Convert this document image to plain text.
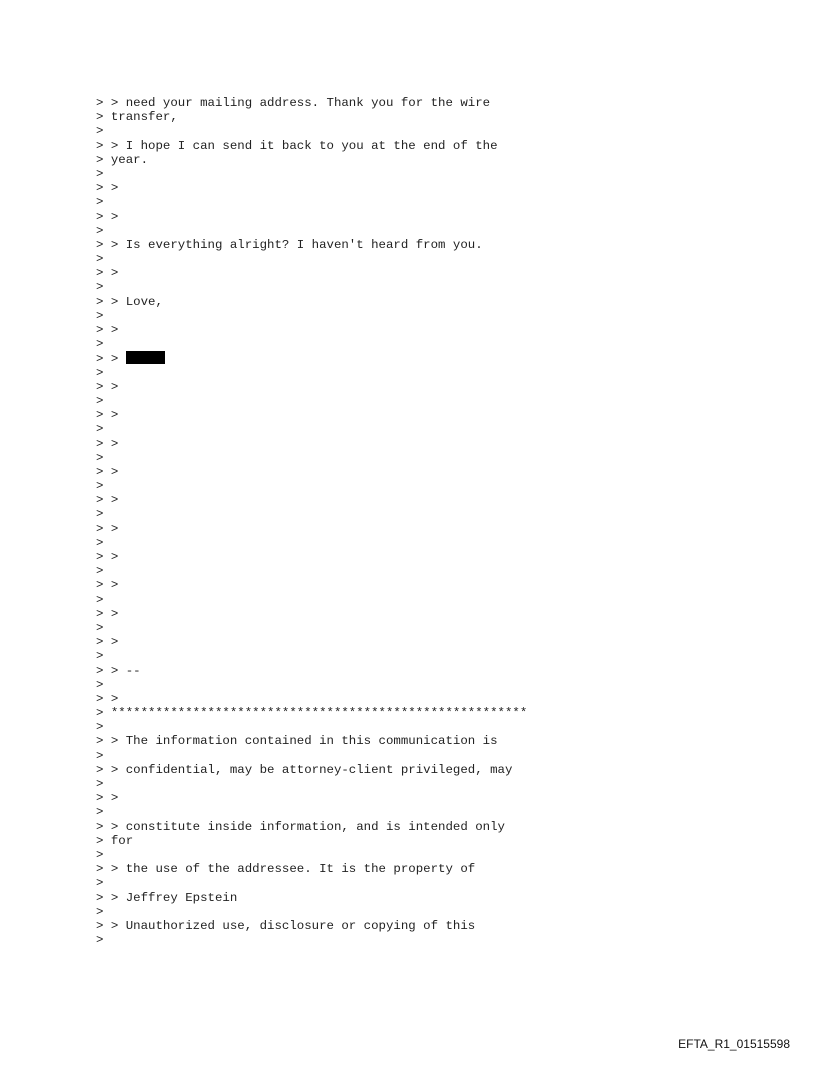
> > need your mailing address. Thank you for the wire
> transfer,
>
> > I hope I can send it back to you at the end of the
> year.
>
> >
>
> >
>
> > Is everything alright? I haven't heard from you.
>
> >
>
> > Love,
>
> >
>
> >
>
> >
>
> >
>
> >
>
> >
>
> >
>
> >
>
> >
>
> >
>
> >
>
> >
>
> > --
>
> >
> ********************************************************
>
> > The information contained in this communication is
>
> > confidential, may be attorney-client privileged, may
>
> >
>
> > constitute inside information, and is intended only
> for
>
> > the use of the addressee. It is the property of
>
> > Jeffrey Epstein
>
> > Unauthorized use, disclosure or copying of this
>
EFTA_R1_01515598
